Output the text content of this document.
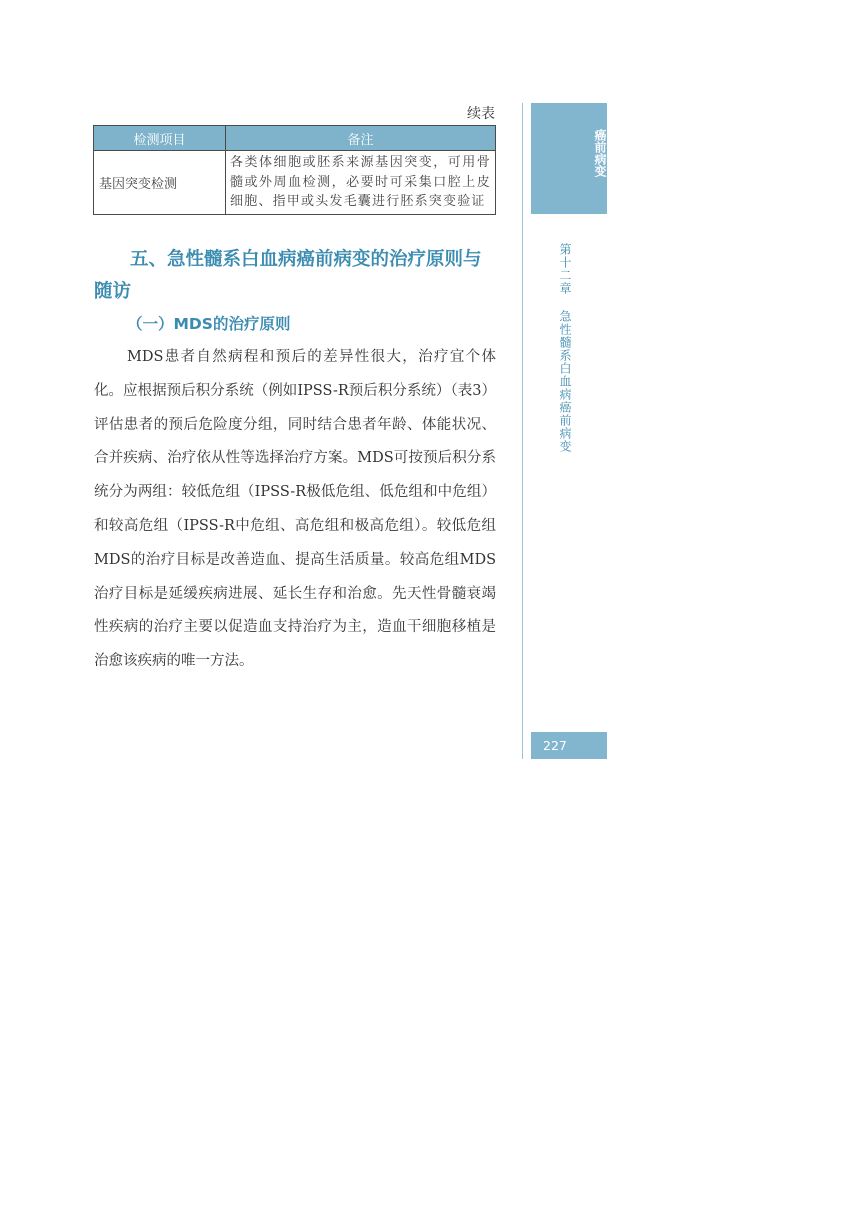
续表
检测项目	备注
基因突变检测	各类体细胞或胚系来源基因突变，可用骨髓或外周血检测，必要时可采集口腔上皮细胞、指甲或头发毛囊进行胚系突变验证
五、急性髓系白血病癌前病变的治疗原则与随访
（一）MDS的治疗原则

MDS患者自然病程和预后的差异性很大，治疗宜个体化。应根据预后积分系统（例如IPSS-R预后积分系统）（表3）评估患者的预后危险度分组，同时结合患者年龄、体能状况、合并疾病、治疗依从性等选择治疗方案。MDS可按预后积分系统分为两组：较低危组（IPSS-R极低危组、低危组和中危组）和较高危组（IPSS-R中危组、高危组和极高危组）。较低危组MDS的治疗目标是改善造血、提高生活质量。较高危组MDS治疗目标是延缓疾病进展、延长生存和治愈。先天性骨髓衰竭性疾病的治疗主要以促造血支持治疗为主，造血干细胞移植是治愈该疾病的唯一方法。

癌前病变
第十二章 急性髓系白血病癌前病变
227
